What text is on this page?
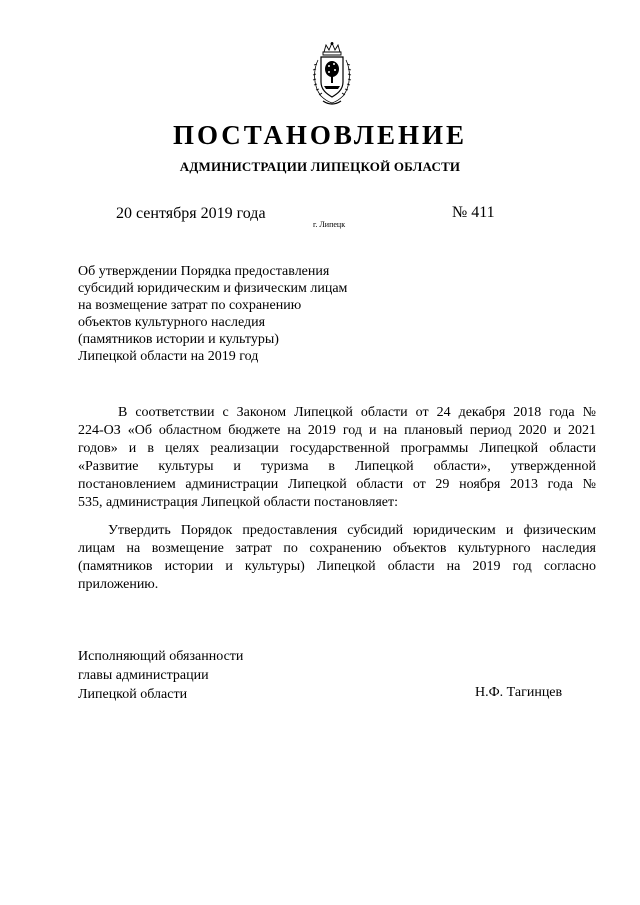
ПОСТАНОВЛЕНИЕ
АДМИНИСТРАЦИИ ЛИПЕЦКОЙ ОБЛАСТИ
20 сентября 2019 года
г. Липецк
№ 411
Об утверждении Порядка предоставления
субсидий юридическим и физическим лицам
на возмещение затрат по сохранению
объектов культурного наследия
(памятников истории и культуры)
Липецкой области на 2019 год
В соответствии с Законом Липецкой области от 24 декабря 2018 года №
224-ОЗ «Об областном бюджете на 2019 год и на плановый период 2020 и 2021
годов» и в целях реализации государственной программы Липецкой области
«Развитие культуры и туризма в Липецкой области», утвержденной
постановлением администрации Липецкой области от 29 ноября 2013 года №
535, администрация Липецкой области постановляет:
Утвердить Порядок предоставления субсидий юридическим и физическим
лицам на возмещение затрат по сохранению объектов культурного наследия
(памятников истории и культуры) Липецкой области на 2019 год согласно
приложению.
Исполняющий обязанности
главы администрации
Липецкой области	Н.Ф. Тагинцев
